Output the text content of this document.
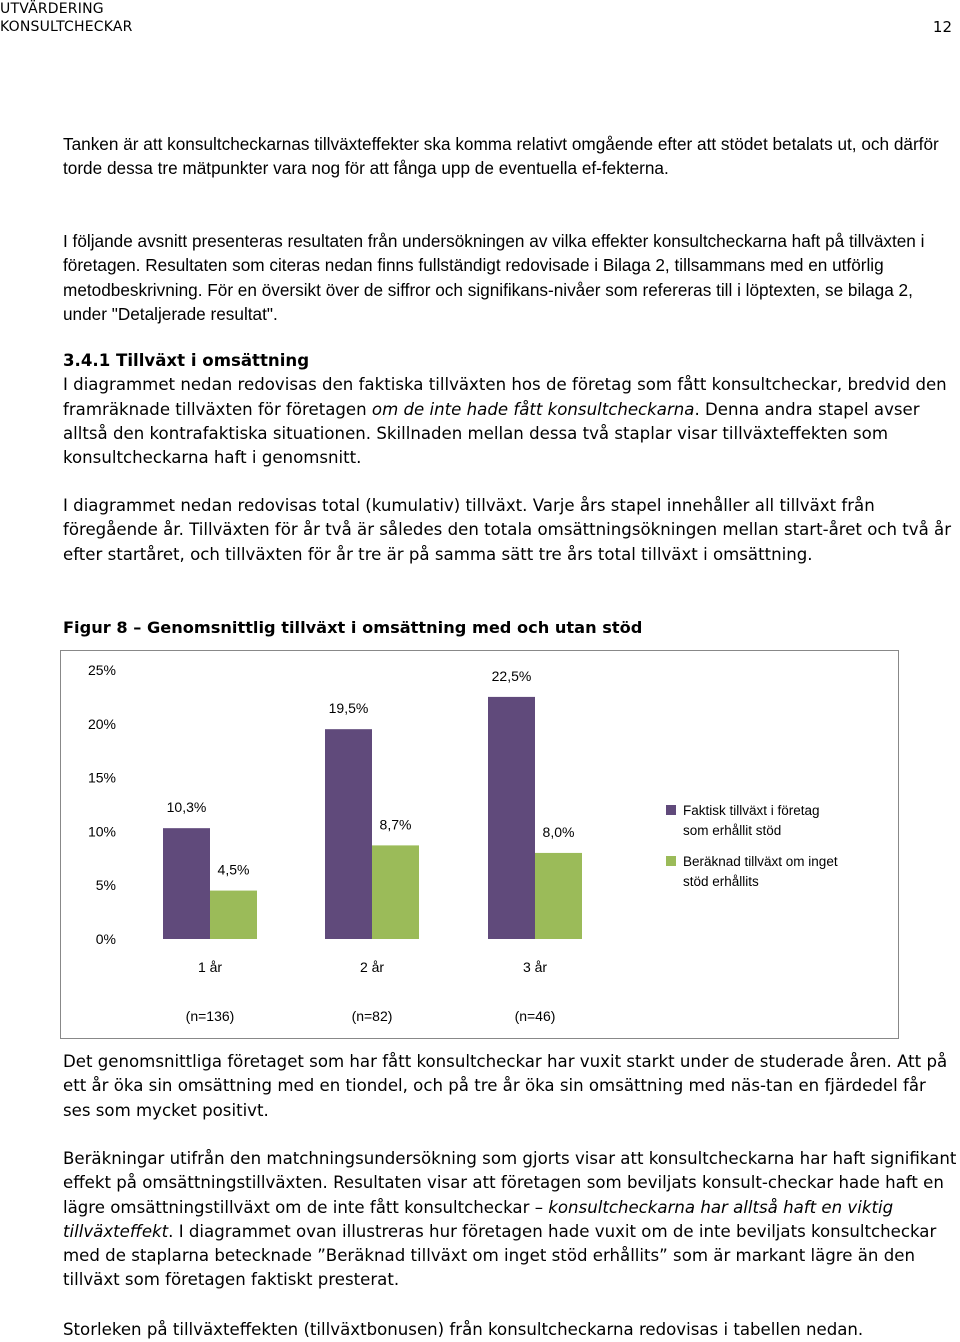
UTVÄRDERING
KONSULTCHECKAR	12

Tanken är att konsultcheckarnas tillväxteffekter ska komma relativt omgående efter att stödet betalats ut, och därför torde dessa tre mätpunkter vara nog för att fånga upp de eventuella ef-fekterna.

I följande avsnitt presenteras resultaten från undersökningen av vilka effekter konsultcheckarna haft på tillväxten i företagen. Resultaten som citeras nedan finns fullständigt redovisade i Bilaga 2, tillsammans med en utförlig metodbeskrivning. För en översikt över de siffror och signifikans-nivåer som refereras till i löptexten, se bilaga 2, under "Detaljerade resultat".

3.4.1 Tillväxt i omsättning

I diagrammet nedan redovisas den faktiska tillväxten hos de företag som fått konsultcheckar, bredvid den framräknade tillväxten för företagen om de inte hade fått konsultcheckarna. Denna andra stapel avser alltså den kontrafaktiska situationen. Skillnaden mellan dessa två staplar visar tillväxteffekten som konsultcheckarna haft i genomsnitt.

I diagrammet nedan redovisas total (kumulativ) tillväxt. Varje års stapel innehåller all tillväxt från föregående år. Tillväxten för år två är således den totala omsättningsökningen mellan start-året och två år efter startåret, och tillväxten för år tre är på samma sätt tre års total tillväxt i omsättning.

Figur 8 – Genomsnittlig tillväxt i omsättning med och utan stöd
0%
5%
10%
15%
20%
25%
10,3%
4,5%
19,5%
8,7%
22,5%
8,0%
1 år
(n=136)
2 år
(n=82)
3 år
(n=46)
Faktisk tillväxt i företag
som erhållit stöd
Beräknad tillväxt om inget
stöd erhållits

Det genomsnittliga företaget som har fått konsultcheckar har vuxit starkt under de studerade åren. Att på ett år öka sin omsättning med en tiondel, och på tre år öka sin omsättning med näs-tan en fjärdedel får ses som mycket positivt.

Beräkningar utifrån den matchningsundersökning som gjorts visar att konsultcheckarna har haft signifikant effekt på omsättningstillväxten. Resultaten visar att företagen som beviljats konsult-checkar hade haft en lägre omsättningstillväxt om de inte fått konsultcheckar – konsultcheckarna har alltså haft en viktig tillväxteffekt. I diagrammet ovan illustreras hur företagen hade vuxit om de inte beviljats konsultcheckar med de staplarna betecknade ”Beräknad tillväxt om inget stöd erhållits” som är markant lägre än den tillväxt som företagen faktiskt presterat.

Storleken på tillväxteffekten (tillväxtbonusen) från konsultcheckarna redovisas i tabellen nedan.
